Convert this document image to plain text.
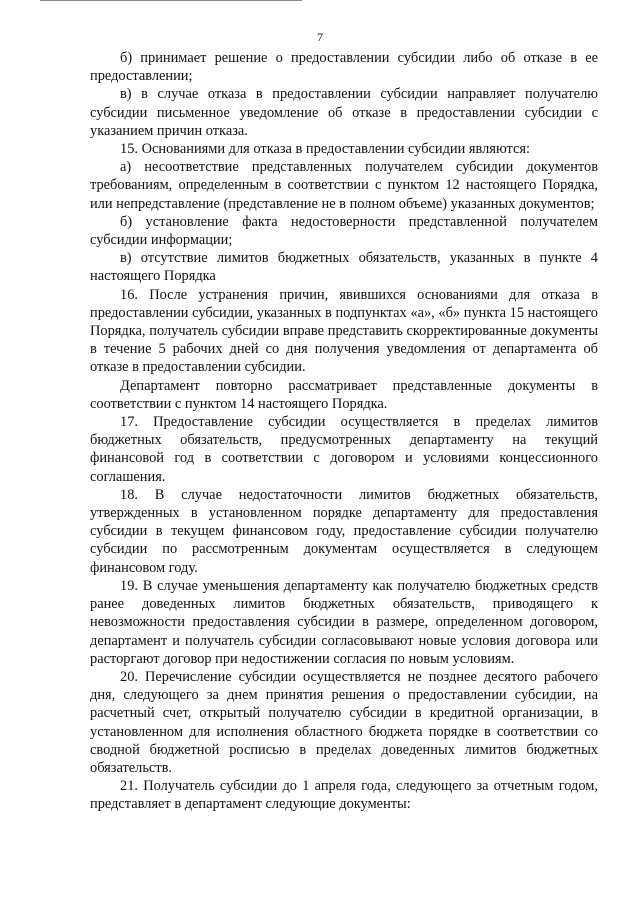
7

б) принимает решение о предоставлении субсидии либо об отказе в ее предоставлении;

в) в случае отказа в предоставлении субсидии направляет получателю субсидии письменное уведомление об отказе в предоставлении субсидии с указанием причин отказа.

15. Основаниями для отказа в предоставлении субсидии являются:

а) несоответствие представленных получателем субсидии документов требованиям, определенным в соответствии с пунктом 12 настоящего Порядка, или непредставление (представление не в полном объеме) указанных документов;

б) установление факта недостоверности представленной получателем субсидии информации;

в) отсутствие лимитов бюджетных обязательств, указанных в пункте 4 настоящего Порядка

16. После устранения причин, явившихся основаниями для отказа в предоставлении субсидии, указанных в подпунктах «а», «б» пункта 15 настоящего Порядка, получатель субсидии вправе представить скорректированные документы в течение 5 рабочих дней со дня получения уведомления от департамента об отказе в предоставлении субсидии.

Департамент повторно рассматривает представленные документы в соответствии с пунктом 14 настоящего Порядка.

17. Предоставление субсидии осуществляется в пределах лимитов бюджетных обязательств, предусмотренных департаменту на текущий финансовой год в соответствии с договором и условиями концессионного соглашения.

18. В случае недостаточности лимитов бюджетных обязательств, утвержденных в установленном порядке департаменту для предоставления субсидии в текущем финансовом году, предоставление субсидии получателю субсидии по рассмотренным документам осуществляется в следующем финансовом году.

19. В случае уменьшения департаменту как получателю бюджетных средств ранее доведенных лимитов бюджетных обязательств, приводящего к невозможности предоставления субсидии в размере, определенном договором, департамент и получатель субсидии согласовывают новые условия договора или расторгают договор при недостижении согласия по новым условиям.

20. Перечисление субсидии осуществляется не позднее десятого рабочего дня, следующего за днем принятия решения о предоставлении субсидии, на расчетный счет, открытый получателю субсидии в кредитной организации, в установленном для исполнения областного бюджета порядке в соответствии со сводной бюджетной росписью в пределах доведенных лимитов бюджетных обязательств.

21. Получатель субсидии до 1 апреля года, следующего за отчетным годом, представляет в департамент следующие документы:
